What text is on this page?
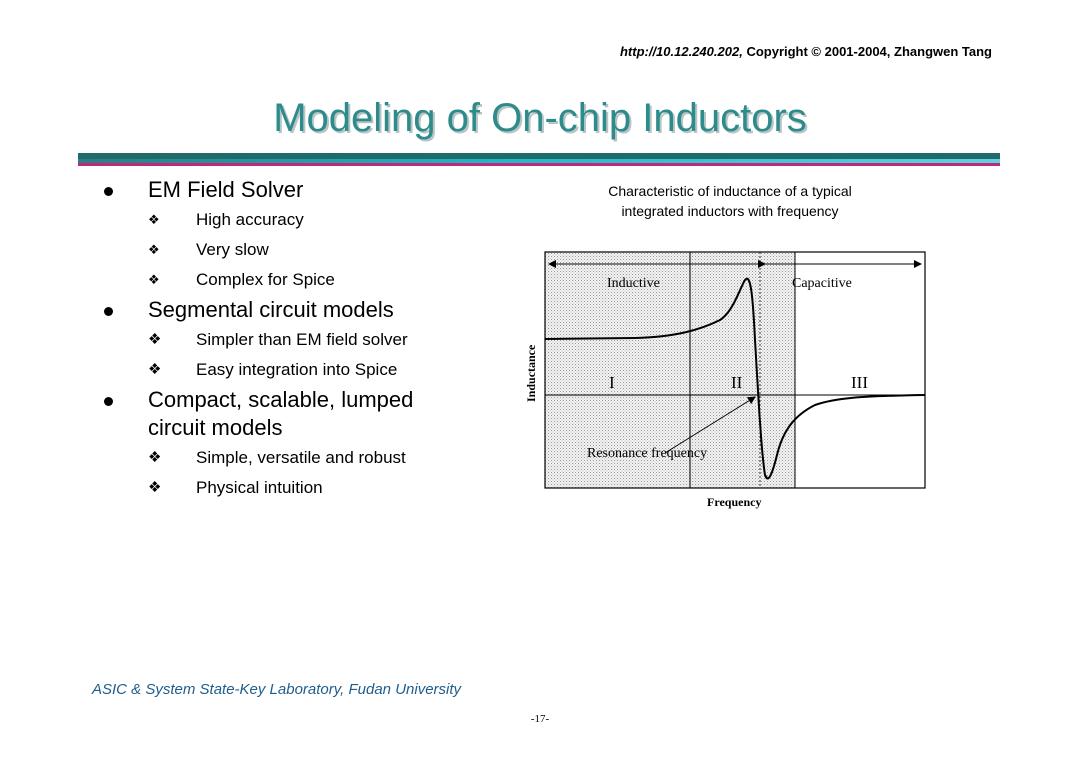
http://10.12.240.202, Copyright © 2001-2004, Zhangwen Tang
Modeling of On-chip Inductors
EM Field Solver
❖ High accuracy
❖ Very slow
❖ Complex for Spice
Segmental circuit models
❖ Simpler than EM field solver
❖ Easy integration into Spice
Compact, scalable, lumped
circuit models
❖ Simple, versatile and robust
❖ Physical intuition
Characteristic of inductance of a typical
integrated inductors with frequency
Inductive	Capacitive
I	II	III
Resonance frequency
Frequency
Inductance
ASIC & System State-Key Laboratory, Fudan University
-17-
